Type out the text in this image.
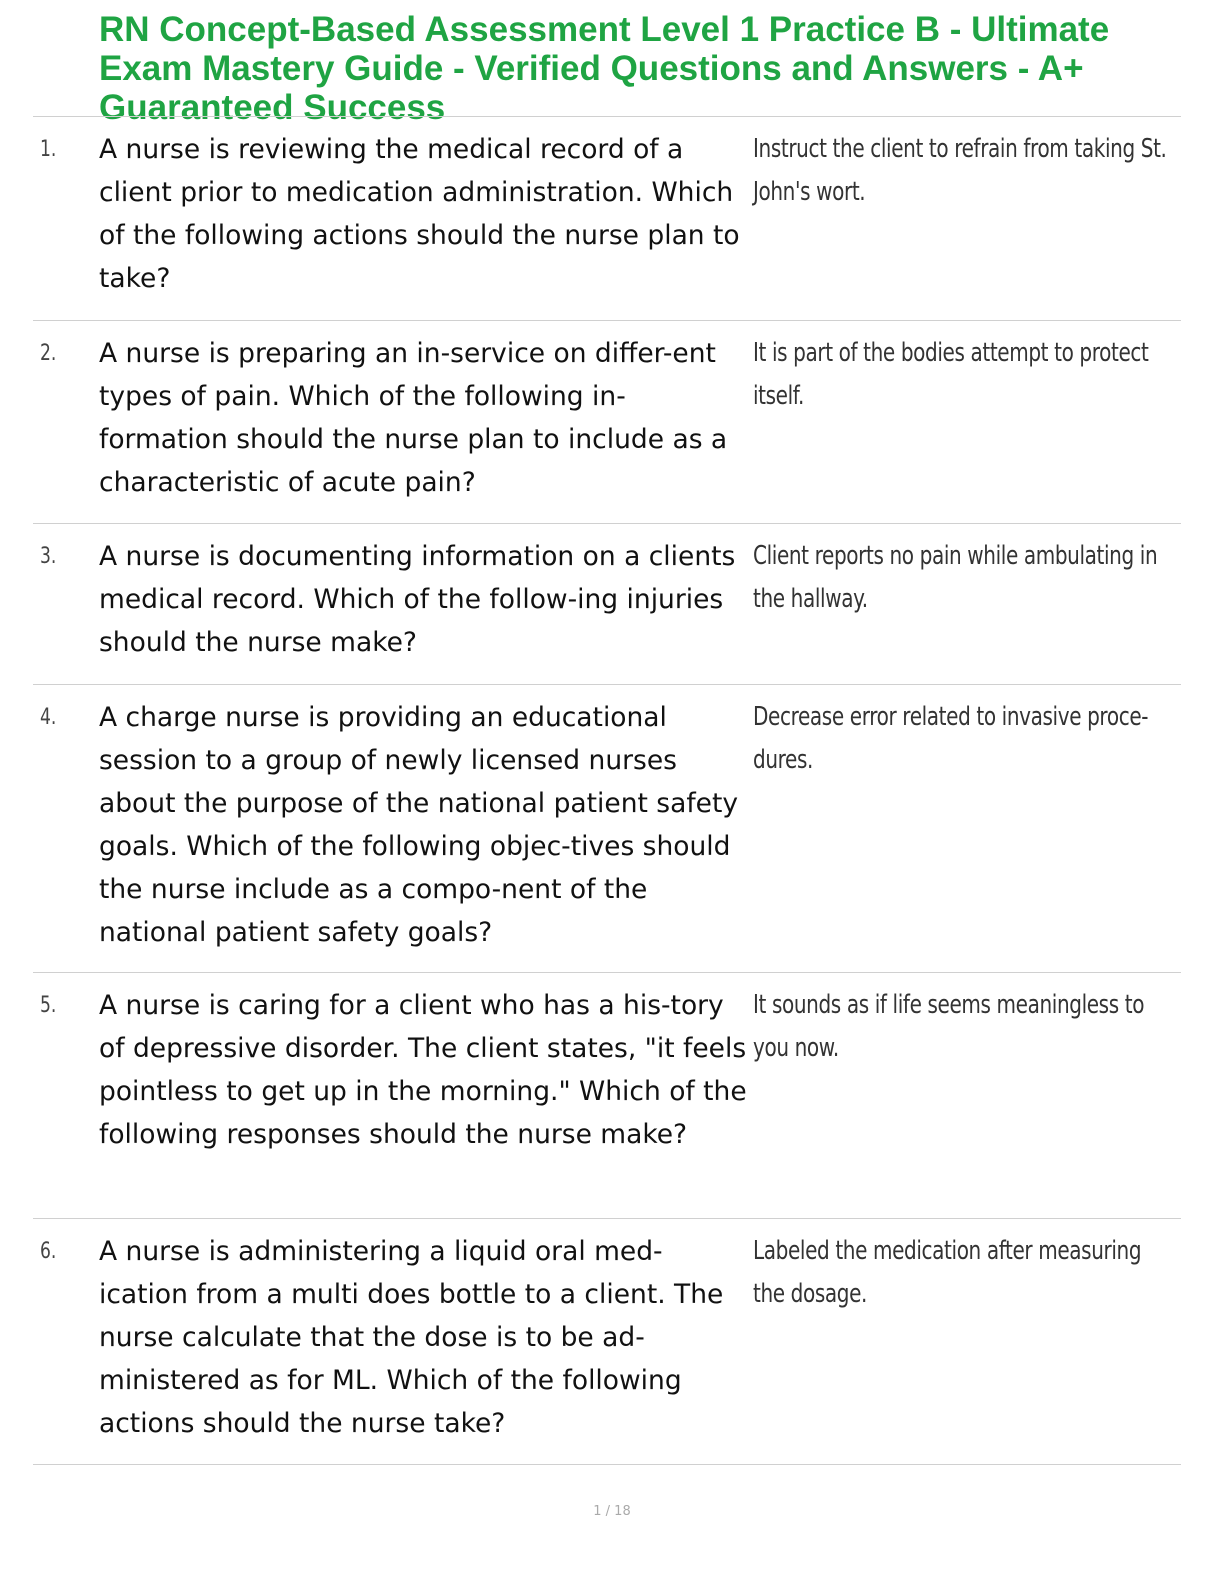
RN Concept-Based Assessment Level 1 Practice B - Ultimate Exam Mastery Guide - Verified Questions and Answers - A+ Guaranteed Success
1. A nurse is reviewing the medical record of a client prior to medication administration. Which of the following actions should the nurse plan to take?
Instruct the client to refrain from taking St. John's wort.
2. A nurse is preparing an in-service on differ-ent types of pain. Which of the following in-formation should the nurse plan to include as a characteristic of acute pain?
It is part of the bodies attempt to protect itself.
3. A nurse is documenting information on a clients medical record. Which of the follow-ing injuries should the nurse make?
Client reports no pain while ambulating in the hallway.
4. A charge nurse is providing an educational session to a group of newly licensed nurses about the purpose of the national patient safety goals. Which of the following objec-tives should the nurse include as a compo-nent of the national patient safety goals?
Decrease error related to invasive proce-dures.
5. A nurse is caring for a client who has a his-tory of depressive disorder. The client states, "it feels pointless to get up in the morning." Which of the following responses should the nurse make?
It sounds as if life seems meaningless to you now.
6. A nurse is administering a liquid oral med-ication from a multi does bottle to a client. The nurse calculate that the dose is to be ad-ministered as for ML. Which of the following actions should the nurse take?
Labeled the medication after measuring the dosage.
1 / 18
